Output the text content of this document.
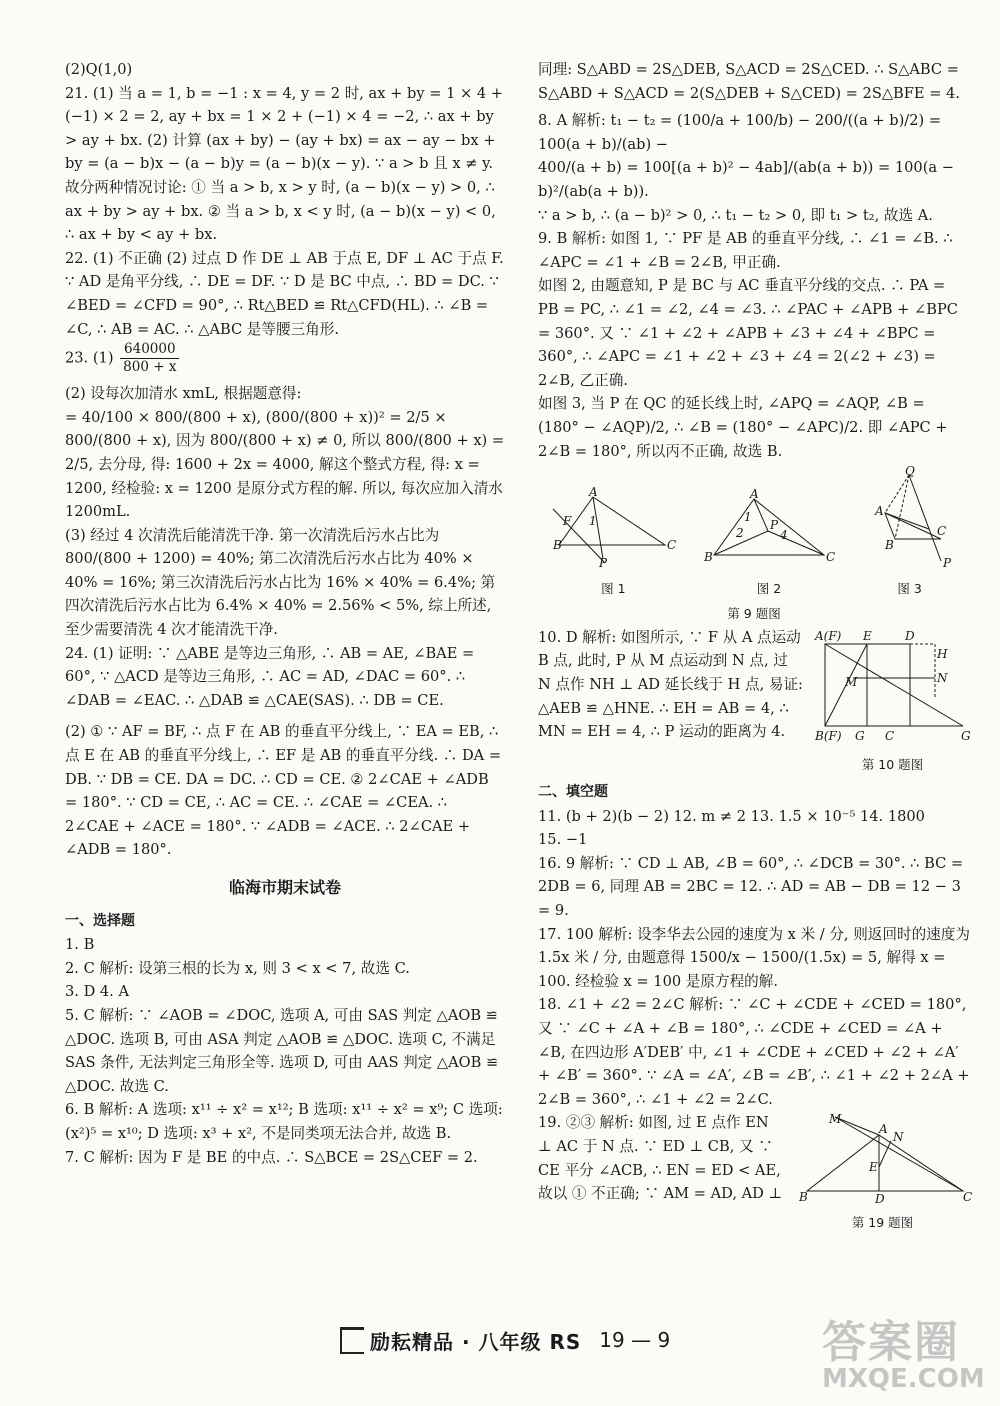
(2)Q(1,0)

21. (1) 当 a = 1, b = −1 : x = 4, y = 2 时, ax + by = 1 × 4 + (−1) × 2 = 2, ay + bx = 1 × 2 + (−1) × 4 = −2, ∴ ax + by > ay + bx. (2) 计算 (ax + by) − (ay + bx) = ax − ay − bx + by = (a − b)x − (a − b)y = (a − b)(x − y). ∵ a > b 且 x ≠ y. 故分两种情况讨论: ① 当 a > b, x > y 时, (a − b)(x − y) > 0, ∴ ax + by > ay + bx. ② 当 a > b, x < y 时, (a − b)(x − y) < 0, ∴ ax + by < ay + bx.

22. (1) 不正确 (2) 过点 D 作 DE ⊥ AB 于点 E, DF ⊥ AC 于点 F. ∵ AD 是角平分线, ∴ DE = DF. ∵ D 是 BC 中点, ∴ BD = DC. ∵ ∠BED = ∠CFD = 90°, ∴ Rt△BED ≌ Rt△CFD(HL). ∴ ∠B = ∠C, ∴ AB = AC. ∴ △ABC 是等腰三角形.

23. $(1) \frac{640000}{800 + x}$

(2) 设每次加清水 xmL, 根据题意得:

= 40/100 × 800/(800 + x), (800/(800 + x))² = 2/5 × 800/(800 + x), 因为 800/(800 + x) ≠ 0, 所以 800/(800 + x) = 2/5, 去分母, 得: 1600 + 2x = 4000, 解这个整式方程, 得: x = 1200, 经检验: x = 1200 是原分式方程的解. 所以, 每次应加入清水 1200mL.

(3) 经过 4 次清洗后能清洗干净. 第一次清洗后污水占比为 800/(800 + 1200) = 40%; 第二次清洗后污水占比为 40% × 40% = 16%; 第三次清洗后污水占比为 16% × 40% = 6.4%; 第四次清洗后污水占比为 6.4% × 40% = 2.56% < 5%, 综上所述, 至少需要清洗 4 次才能清洗干净.

24. (1) 证明: ∵ △ABE 是等边三角形, ∴ AB = AE, ∠BAE = 60°, ∵ △ACD 是等边三角形, ∴ AC = AD, ∠DAC = 60°. ∴ ∠DAB = ∠EAC. ∴ △DAB ≌ △CAE(SAS). ∴ DB = CE.

(2) ① ∵ AF = BF, ∴ 点 F 在 AB 的垂直平分线上, ∵ EA = EB, ∴ 点 E 在 AB 的垂直平分线上, ∴ EF 是 AB 的垂直平分线. ∴ DA = DB. ∵ DB = CE. DA = DC. ∴ CD = CE. ② 2∠CAE + ∠ADB = 180°. ∵ CD = CE, ∴ AC = CE. ∴ ∠CAE = ∠CEA. ∴ 2∠CAE + ∠ACE = 180°. ∵ ∠ADB = ∠ACE. ∴ 2∠CAE + ∠ADB = 180°.

临海市期末试卷

一、选择题

1. B

2. C 解析: 设第三根的长为 x, 则 3 < x < 7, 故选 C.

3. D 4. A

5. C 解析: ∵ ∠AOB = ∠DOC, 选项 A, 可由 SAS 判定 △AOB ≌ △DOC. 选项 B, 可由 ASA 判定 △AOB ≌ △DOC. 选项 C, 不满足 SAS 条件, 无法判定三角形全等. 选项 D, 可由 AAS 判定 △AOB ≌ △DOC. 故选 C.

6. B 解析: A 选项: x¹¹ ÷ x² = x¹²; B 选项: x¹¹ ÷ x² = x⁹; C 选项: (x²)⁵ = x¹⁰; D 选项: x³ + x², 不是同类项无法合并, 故选 B.

7. C 解析: 因为 F 是 BE 的中点. ∴ S△BCE = 2S△CEF = 2.

同理: S△ABD = 2S△DEB, S△ACD = 2S△CED. ∴ S△ABC = S△ABD + S△ACD = 2(S△DEB + S△CED) = 2S△BFE = 4.

8. A 解析: t₁ − t₂ = (100/a + 100/b) − 200/((a + b)/2) = 100(a + b)/(ab) −

400/(a + b) = 100[(a + b)² − 4ab]/(ab(a + b)) = 100(a − b)²/(ab(a + b)).

∵ a > b, ∴ (a − b)² > 0, ∴ t₁ − t₂ > 0, 即 t₁ > t₂, 故选 A.

9. B 解析: 如图 1, ∵ PF 是 AB 的垂直平分线, ∴ ∠1 = ∠B. ∴ ∠APC = ∠1 + ∠B = 2∠B, 甲正确.

如图 2, 由题意知, P 是 BC 与 AC 垂直平分线的交点. ∴ PA = PB = PC, ∴ ∠1 = ∠2, ∠4 = ∠3. ∴ ∠PAC + ∠APB + ∠BPC = 360°. 又 ∵ ∠1 + ∠2 + ∠APB + ∠3 + ∠4 + ∠BPC = 360°, ∴ ∠APC = ∠1 + ∠2 + ∠3 + ∠4 = 2(∠2 + ∠3) = 2∠B, 乙正确.

如图 3, 当 P 在 QC 的延长线上时, ∠APQ = ∠AQP, ∠B = (180° − ∠AQP)/2, ∴ ∠B = (180° − ∠APC)/2. 即 ∠APC + 2∠B = 180°, 所以丙不正确, 故选 B.

A
B	C
F
P
1
图 1
A
B	C
P
2
1
4
图 2
Q
A
B
C
P
图 3
第 9 题图
A(F) E	D
H
N
M
B(F) G C	G
第 10 题图

10. D 解析: 如图所示, ∵ F 从 A 点运动 B 点, 此时, P 从 M 点运动到 N 点, 过 N 点作 NH ⊥ AD 延长线于 H 点, 易证: △AEB ≌ △HNE. ∴ EH = AB = 4, ∴ MN = EH = 4, ∴ P 运动的距离为 4.

二、填空题

11. (b + 2)(b − 2) 12. m ≠ 2 13. 1.5 × 10⁻⁵ 14. 1800

15. −1

16. 9 解析: ∵ CD ⊥ AB, ∠B = 60°, ∴ ∠DCB = 30°. ∴ BC = 2DB = 6, 同理 AB = 2BC = 12. ∴ AD = AB − DB = 12 − 3 = 9.

17. 100 解析: 设李华去公园的速度为 x 米 / 分, 则返回时的速度为 1.5x 米 / 分, 由题意得 1500/x − 1500/(1.5x) = 5, 解得 x = 100. 经检验 x = 100 是原方程的解.

18. ∠1 + ∠2 = 2∠C 解析: ∵ ∠C + ∠CDE + ∠CED = 180°, 又 ∵ ∠C + ∠A + ∠B = 180°, ∴ ∠CDE + ∠CED = ∠A + ∠B, 在四边形 A′DEB′ 中, ∠1 + ∠CDE + ∠CED + ∠2 + ∠A′ + ∠B′ = 360°. ∵ ∠A = ∠A′, ∠B = ∠B′, ∴ ∠1 + ∠2 + 2∠A + 2∠B = 360°, ∴ ∠1 + ∠2 = 2∠C.

M
A
N
E
B	D	C
第 19 题图

19. ②③ 解析: 如图, 过 E 点作 EN ⊥ AC 于 N 点. ∵ ED ⊥ CB, 又 ∵ CE 平分 ∠ACB, ∴ EN = ED < AE, 故以 ① 不正确; ∵ AM = AD, AD ⊥

励耘精品 · 八年级 RS 19 — 9	答案圈
MXQE.COM
